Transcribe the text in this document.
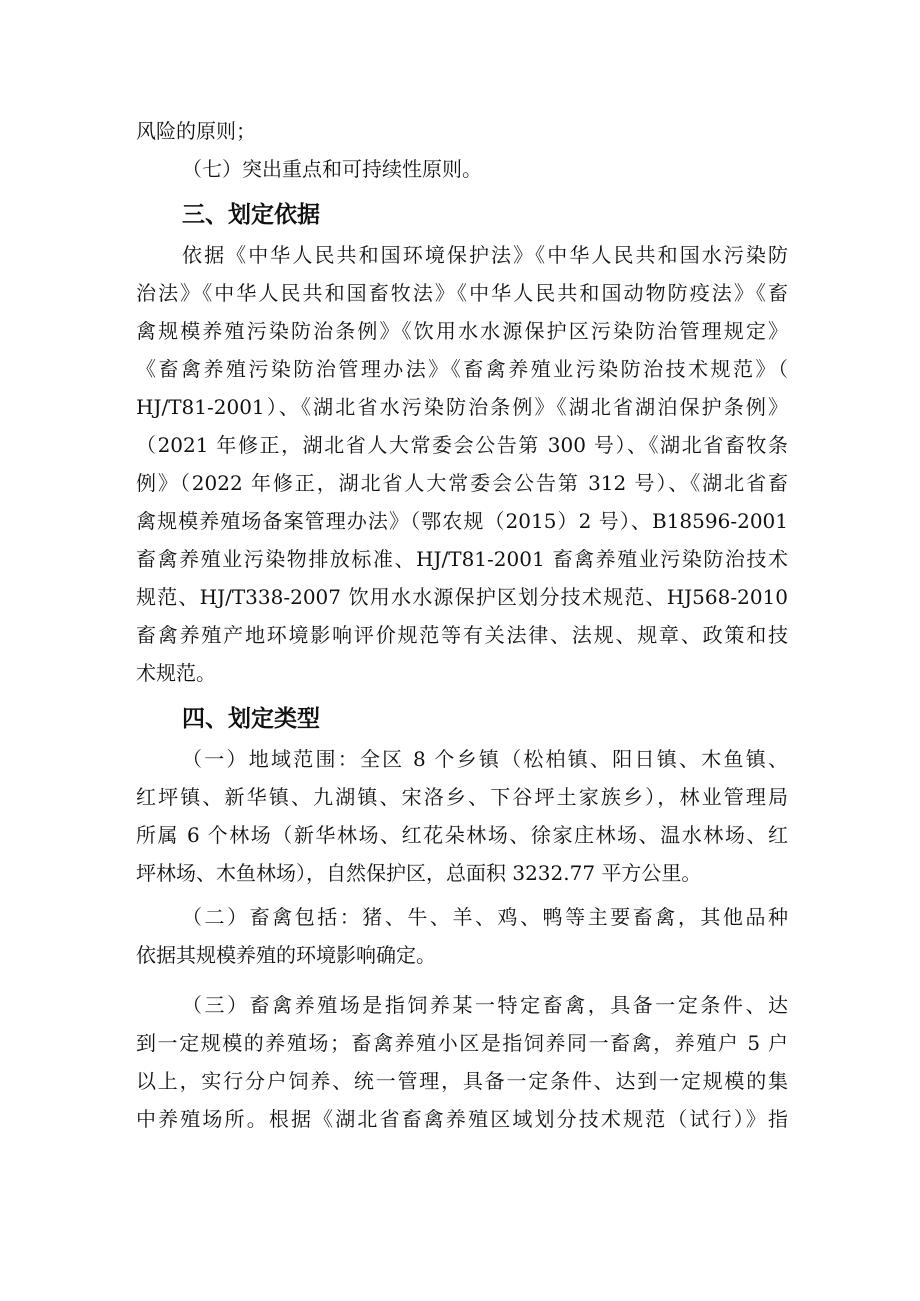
风险的原则；
（七）突出重点和可持续性原则。
三、划定依据
依据《中华人民共和国环境保护法》《中华人民共和国水污染防
治法》《中华人民共和国畜牧法》《中华人民共和国动物防疫法》《畜
禽规模养殖污染防治条例》《饮用水水源保护区污染防治管理规定》
《畜禽养殖污染防治管理办法》《畜禽养殖业污染防治技术规范》（
HJ/T81-2001）、《湖北省水污染防治条例》《湖北省湖泊保护条例》
（2021 年修正，湖北省人大常委会公告第 300 号）、《湖北省畜牧条
例》（2022 年修正，湖北省人大常委会公告第 312 号）、《湖北省畜
禽规模养殖场备案管理办法》（鄂农规（2015）2 号）、B18596-2001
畜禽养殖业污染物排放标准、HJ/T81-2001 畜禽养殖业污染防治技术
规范、HJ/T338-2007 饮用水水源保护区划分技术规范、HJ568-2010
畜禽养殖产地环境影响评价规范等有关法律、法规、规章、政策和技
术规范。
四、划定类型
（一）地域范围：全区 8 个乡镇（松柏镇、阳日镇、木鱼镇、
红坪镇、新华镇、九湖镇、宋洛乡、下谷坪土家族乡），林业管理局
所属 6 个林场（新华林场、红花朵林场、徐家庄林场、温水林场、红
坪林场、木鱼林场），自然保护区，总面积 3232.77 平方公里。
（二）畜禽包括：猪、牛、羊、鸡、鸭等主要畜禽，其他品种
依据其规模养殖的环境影响确定。
（三）畜禽养殖场是指饲养某一特定畜禽，具备一定条件、达
到一定规模的养殖场；畜禽养殖小区是指饲养同一畜禽，养殖户 5 户
以上，实行分户饲养、统一管理，具备一定条件、达到一定规模的集
中养殖场所。根据《湖北省畜禽养殖区域划分技术规范（试行）》指
